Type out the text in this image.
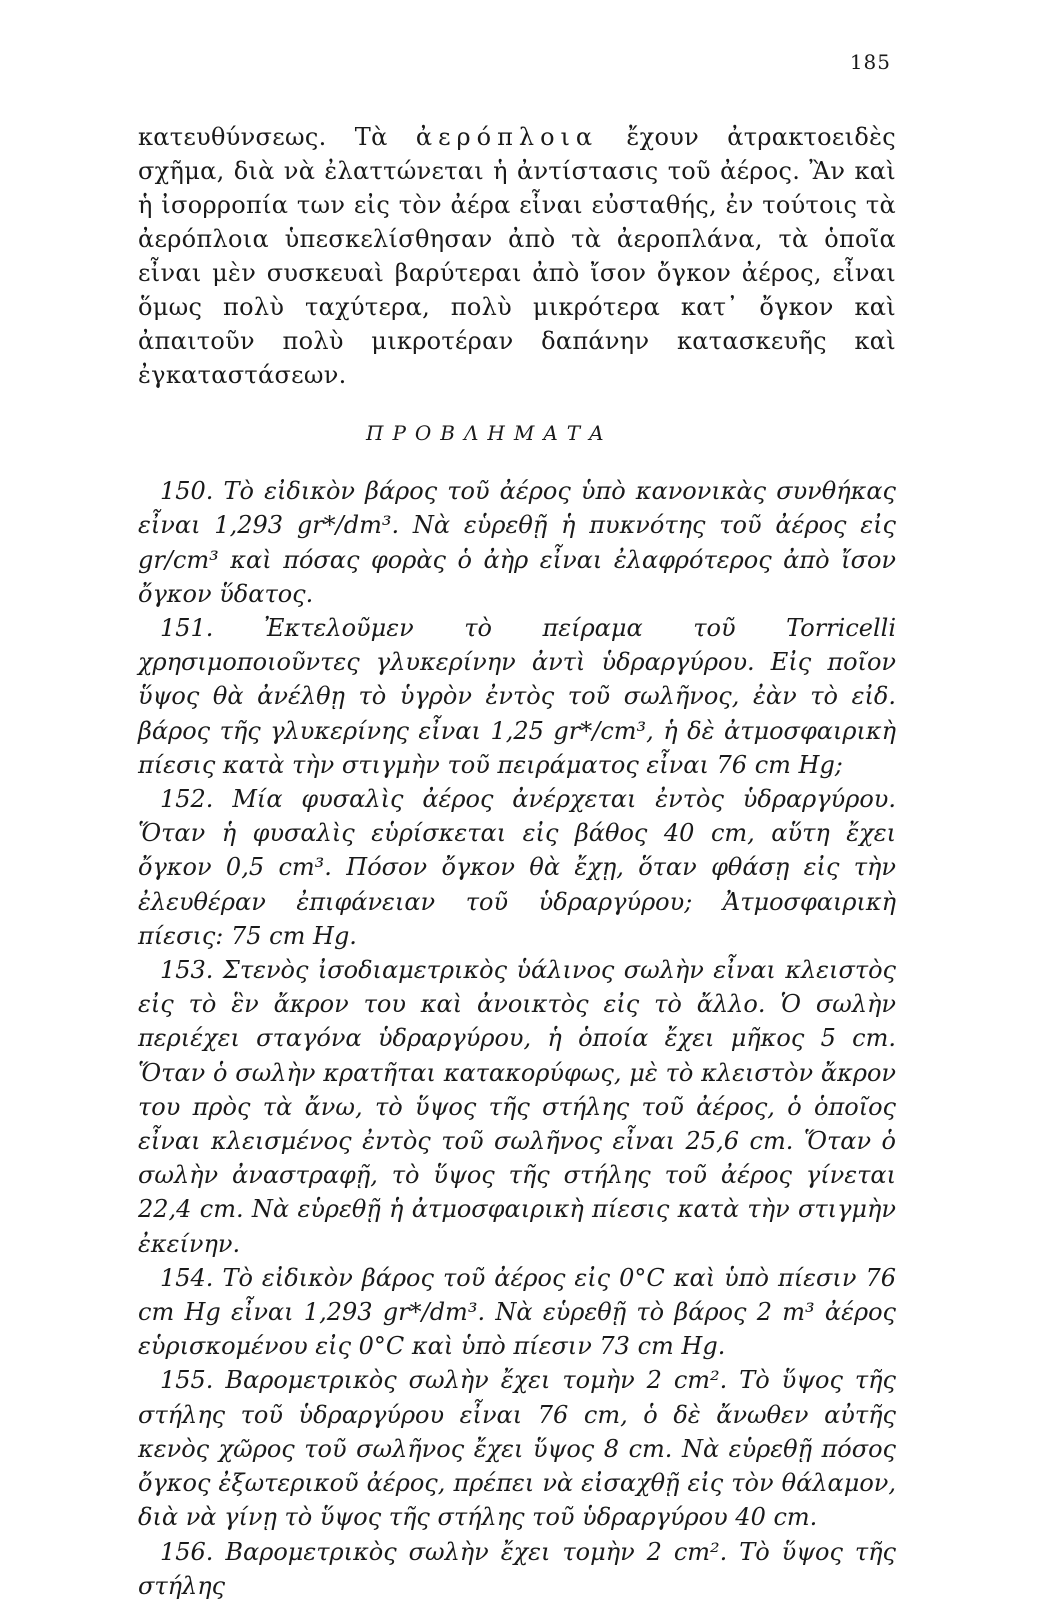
185

κατευθύνσεως. Τὰ ἀερόπλοια ἔχουν ἀτρακτοειδὲς σχῆμα, διὰ νὰ ἐλαττώνεται ἡ ἀντίστασις τοῦ ἀέρος. Ἂν καὶ ἡ ἰσορροπία των εἰς τὸν ἀέρα εἶναι εὐσταθής, ἐν τούτοις τὰ ἀερόπλοια ὑπεσκελίσθησαν ἀπὸ τὰ ἀεροπλάνα, τὰ ὁποῖα εἶναι μὲν συσκευαὶ βαρύτεραι ἀπὸ ἴσον ὄγκον ἀέρος, εἶναι ὅμως πολὺ ταχύτερα, πολὺ μικρότερα κατ᾽ ὄγκον καὶ ἀπαιτοῦν πολὺ μικροτέραν δαπάνην κατασκευῆς καὶ ἐγκαταστάσεων.

ΠΡΟΒΛΗΜΑΤΑ

150. Τὸ εἰδικὸν βάρος τοῦ ἀέρος ὑπὸ κανονικὰς συνθήκας εἶναι 1,293 gr*/dm³. Νὰ εὑρεθῇ ἡ πυκνότης τοῦ ἀέρος εἰς gr/cm³ καὶ πόσας φορὰς ὁ ἀὴρ εἶναι ἐλαφρότερος ἀπὸ ἴσον ὄγκον ὕδατος.

151. Ἐκτελοῦμεν τὸ πείραμα τοῦ Torricelli χρησιμοποιοῦντες γλυκερίνην ἀντὶ ὑδραργύρου. Εἰς ποῖον ὕψος θὰ ἀνέλθῃ τὸ ὑγρὸν ἐντὸς τοῦ σωλῆνος, ἐὰν τὸ εἰδ. βάρος τῆς γλυκερίνης εἶναι 1,25 gr*/cm³, ἡ δὲ ἀτμοσφαιρικὴ πίεσις κατὰ τὴν στιγμὴν τοῦ πειράματος εἶναι 76 cm Hg;

152. Μία φυσαλὶς ἀέρος ἀνέρχεται ἐντὸς ὑδραργύρου. Ὅταν ἡ φυσαλὶς εὑρίσκεται εἰς βάθος 40 cm, αὕτη ἔχει ὄγκον 0,5 cm³. Πόσον ὄγκον θὰ ἔχῃ, ὅταν φθάσῃ εἰς τὴν ἐλευθέραν ἐπιφάνειαν τοῦ ὑδραργύρου; Ἀτμοσφαιρικὴ πίεσις: 75 cm Hg.

153. Στενὸς ἰσοδιαμετρικὸς ὑάλινος σωλὴν εἶναι κλειστὸς εἰς τὸ ἓν ἄκρον του καὶ ἀνοικτὸς εἰς τὸ ἄλλο. Ὁ σωλὴν περιέχει σταγόνα ὑδραργύρου, ἡ ὁποία ἔχει μῆκος 5 cm. Ὅταν ὁ σωλὴν κρατῆται κατακορύφως, μὲ τὸ κλειστὸν ἄκρον του πρὸς τὰ ἄνω, τὸ ὕψος τῆς στήλης τοῦ ἀέρος, ὁ ὁποῖος εἶναι κλεισμένος ἐντὸς τοῦ σωλῆνος εἶναι 25,6 cm. Ὅταν ὁ σωλὴν ἀναστραφῇ, τὸ ὕψος τῆς στήλης τοῦ ἀέρος γίνεται 22,4 cm. Νὰ εὑρεθῇ ἡ ἀτμοσφαιρικὴ πίεσις κατὰ τὴν στιγμὴν ἐκείνην.

154. Τὸ εἰδικὸν βάρος τοῦ ἀέρος εἰς 0°C καὶ ὑπὸ πίεσιν 76 cm Hg εἶναι 1,293 gr*/dm³. Νὰ εὑρεθῇ τὸ βάρος 2 m³ ἀέρος εὑρισκομένου εἰς 0°C καὶ ὑπὸ πίεσιν 73 cm Hg.

155. Βαρομετρικὸς σωλὴν ἔχει τομὴν 2 cm². Τὸ ὕψος τῆς στήλης τοῦ ὑδραργύρου εἶναι 76 cm, ὁ δὲ ἄνωθεν αὐτῆς κενὸς χῶρος τοῦ σωλῆνος ἔχει ὕψος 8 cm. Νὰ εὑρεθῇ πόσος ὄγκος ἐξωτερικοῦ ἀέρος, πρέπει νὰ εἰσαχθῇ εἰς τὸν θάλαμον, διὰ νὰ γίνῃ τὸ ὕψος τῆς στήλης τοῦ ὑδραργύρου 40 cm.

156. Βαρομετρικὸς σωλὴν ἔχει τομὴν 2 cm². Τὸ ὕψος τῆς στήλης
